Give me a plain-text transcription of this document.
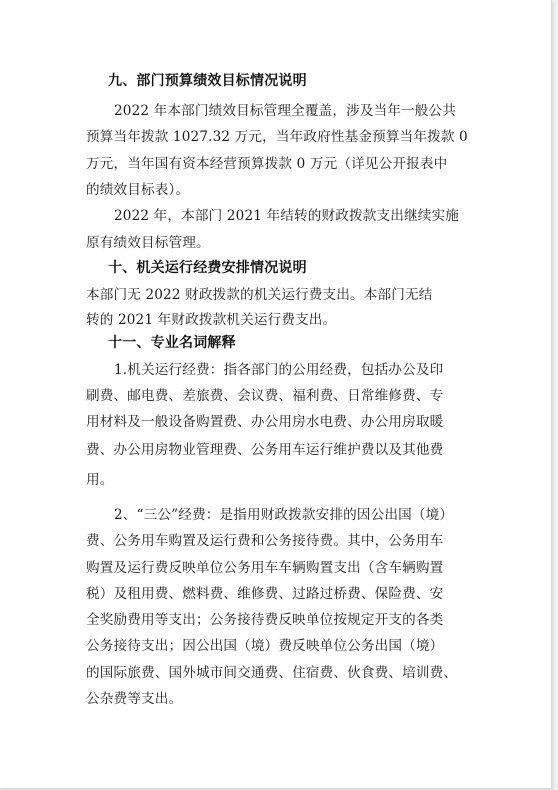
九、部门预算绩效目标情况说明
2022 年本部门绩效目标管理全覆盖，涉及当年一般公共
预算当年拨款 1027.32 万元，当年政府性基金预算当年拨款 0
万元，当年国有资本经营预算拨款 0 万元（详见公开报表中
的绩效目标表）。
2022 年，本部门 2021 年结转的财政拨款支出继续实施
原有绩效目标管理。
十、机关运行经费安排情况说明
本部门无 2022 财政拨款的机关运行费支出。本部门无结
转的 2021 年财政拨款机关运行费支出。
十一、专业名词解释
1.机关运行经费：指各部门的公用经费，包括办公及印
刷费、邮电费、差旅费、会议费、福利费、日常维修费、专
用材料及一般设备购置费、办公用房水电费、办公用房取暖
费、办公用房物业管理费、公务用车运行维护费以及其他费
用。
2、“三公”经费：是指用财政拨款安排的因公出国（境）
费、公务用车购置及运行费和公务接待费。其中，公务用车
购置及运行费反映单位公务用车车辆购置支出（含车辆购置
税）及租用费、燃料费、维修费、过路过桥费、保险费、安
全奖励费用等支出；公务接待费反映单位按规定开支的各类
公务接待支出；因公出国（境）费反映单位公务出国（境）
的国际旅费、国外城市间交通费、住宿费、伙食费、培训费、
公杂费等支出。
